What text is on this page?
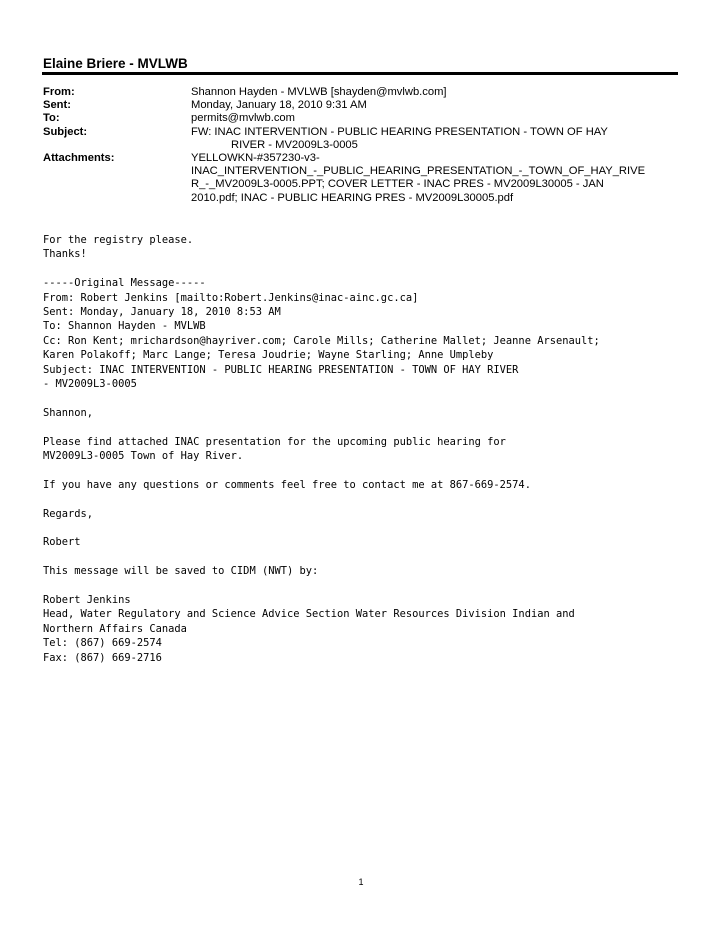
Elaine Briere - MVLWB
From:	Shannon Hayden - MVLWB [shayden@mvlwb.com]
Sent:	Monday, January 18, 2010 9:31 AM
To:	permits@mvlwb.com
Subject:	FW: INAC INTERVENTION - PUBLIC HEARING PRESENTATION - TOWN OF HAY
RIVER - MV2009L3-0005
Attachments:	YELLOWKN-#357230-v3-
INAC_INTERVENTION_-_PUBLIC_HEARING_PRESENTATION_-_TOWN_OF_HAY_RIVE
R_-_MV2009L3-0005.PPT; COVER LETTER - INAC PRES - MV2009L30005 - JAN
2010.pdf; INAC - PUBLIC HEARING PRES - MV2009L30005.pdf
For the registry please.
Thanks!
-----Original Message-----
From: Robert Jenkins [mailto:Robert.Jenkins@inac-ainc.gc.ca]
Sent: Monday, January 18, 2010 8:53 AM
To: Shannon Hayden - MVLWB
Cc: Ron Kent; mrichardson@hayriver.com; Carole Mills; Catherine Mallet; Jeanne Arsenault;
Karen Polakoff; Marc Lange; Teresa Joudrie; Wayne Starling; Anne Umpleby
Subject: INAC INTERVENTION - PUBLIC HEARING PRESENTATION - TOWN OF HAY RIVER
- MV2009L3-0005
Shannon,
Please find attached INAC presentation for the upcoming public hearing for
MV2009L3-0005 Town of Hay River.
If you have any questions or comments feel free to contact me at 867-669-2574.
Regards,
Robert
This message will be saved to CIDM (NWT) by:
Robert Jenkins
Head, Water Regulatory and Science Advice Section Water Resources Division Indian and
Northern Affairs Canada
Tel: (867) 669-2574
Fax: (867) 669-2716
1
